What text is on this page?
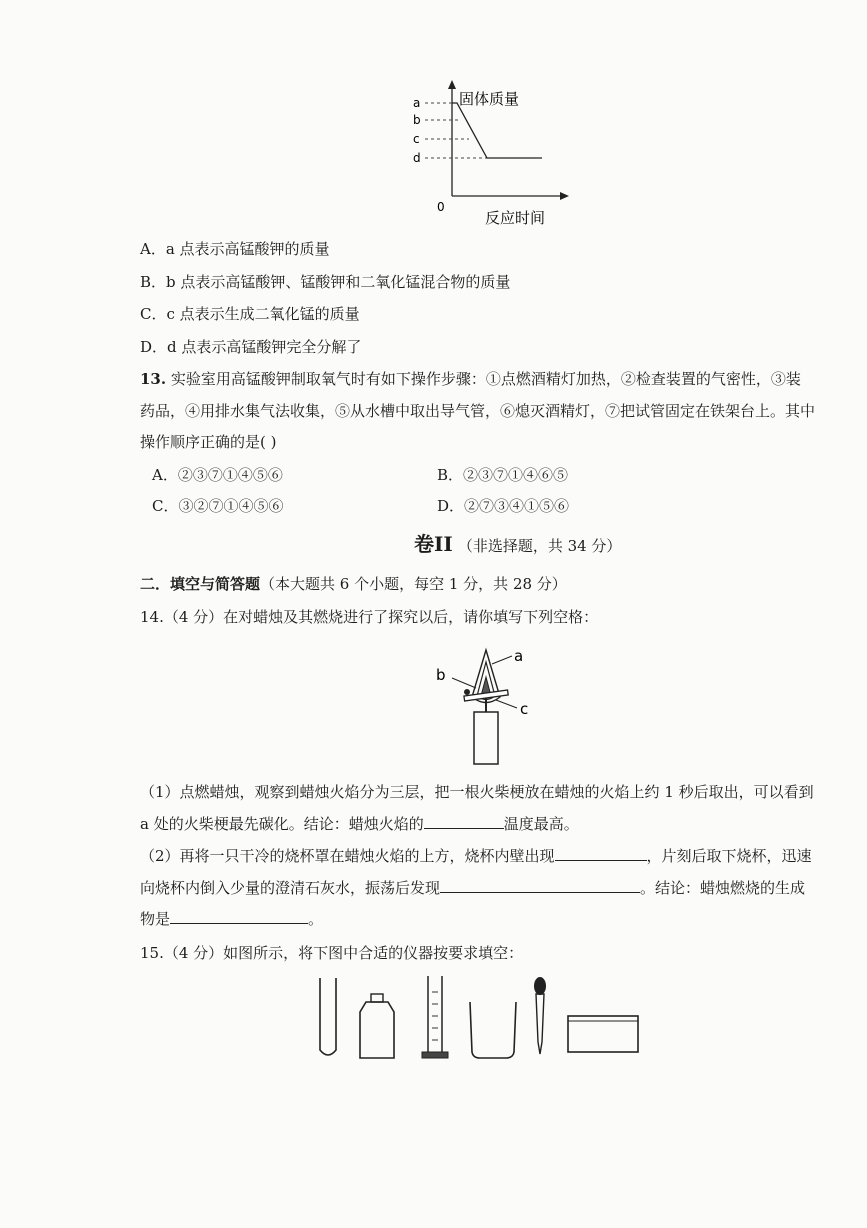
a
b
c
d
固体质量
0
反应时间
A．a 点表示高锰酸钾的质量
B．b 点表示高锰酸钾、锰酸钾和二氧化锰混合物的质量
C．c 点表示生成二氧化锰的质量
D．d 点表示高锰酸钾完全分解了
13. 实验室用高锰酸钾制取氧气时有如下操作步骤：①点燃酒精灯加热，②检查装置的气密性，③装
药品，④用排水集气法收集，⑤从水槽中取出导气管，⑥熄灭酒精灯，⑦把试管固定在铁架台上。其中
操作顺序正确的是( )
A．②③⑦①④⑤⑥	B．②③⑦①④⑥⑤
C．③②⑦①④⑤⑥	D．②⑦③④①⑤⑥
卷II （非选择题，共 34 分）
二．填空与简答题（本大题共 6 个小题，每空 1 分，共 28 分）
14.（4 分）在对蜡烛及其燃烧进行了探究以后，请你填写下列空格：
a
b
c
（1）点燃蜡烛，观察到蜡烛火焰分为三层，把一根火柴梗放在蜡烛的火焰上约 1 秒后取出，可以看到
a 处的火柴梗最先碳化。结论：蜡烛火焰的	温度最高。
（2）再将一只干冷的烧杯罩在蜡烛火焰的上方，烧杯内壁出现	，片刻后取下烧杯，迅速
向烧杯内倒入少量的澄清石灰水，振荡后发现	。结论：蜡烛燃烧的生成
物是	。
15.（4 分）如图所示，将下图中合适的仪器按要求填空：
